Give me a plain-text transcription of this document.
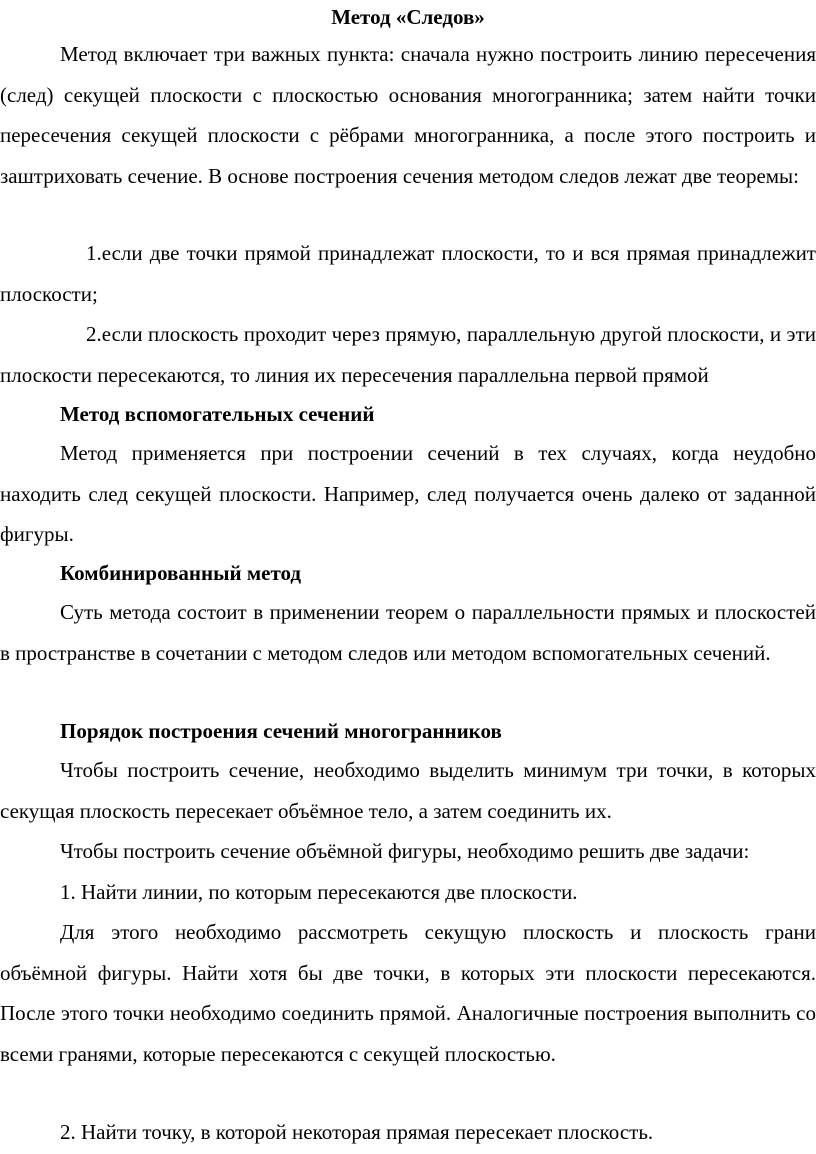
Метод «Следов»

Метод включает три важных пункта: сначала нужно построить линию пересечения (след) секущей плоскости с плоскостью основания многогранника; затем найти точки пересечения секущей плоскости с рёбрами многогранника, а после этого построить и заштриховать сечение. В основе построения сечения методом следов лежат две теоремы:

1.если две точки прямой принадлежат плоскости, то и вся прямая принадлежит плоскости;

2.если плоскость проходит через прямую, параллельную другой плоскости, и эти плоскости пересекаются, то линия их пересечения параллельна первой прямой

Метод вспомогательных сечений

Метод применяется при построении сечений в тех случаях, когда неудобно находить след секущей плоскости. Например, след получается очень далеко от заданной фигуры.

Комбинированный метод

Суть метода состоит в применении теорем о параллельности прямых и плоскостей в пространстве в сочетании с методом следов или методом вспомогательных сечений.

Порядок построения сечений многогранников

Чтобы построить сечение, необходимо выделить минимум три точки, в которых секущая плоскость пересекает объёмное тело, а затем соединить их.

Чтобы построить сечение объёмной фигуры, необходимо решить две задачи:

1. Найти линии, по которым пересекаются две плоскости.

Для этого необходимо рассмотреть секущую плоскость и плоскость грани объёмной фигуры. Найти хотя бы две точки, в которых эти плоскости пересекаются. После этого точки необходимо соединить прямой. Аналогичные построения выполнить со всеми гранями, которые пересекаются с секущей плоскостью.

2. Найти точку, в которой некоторая прямая пересекает плоскость.
